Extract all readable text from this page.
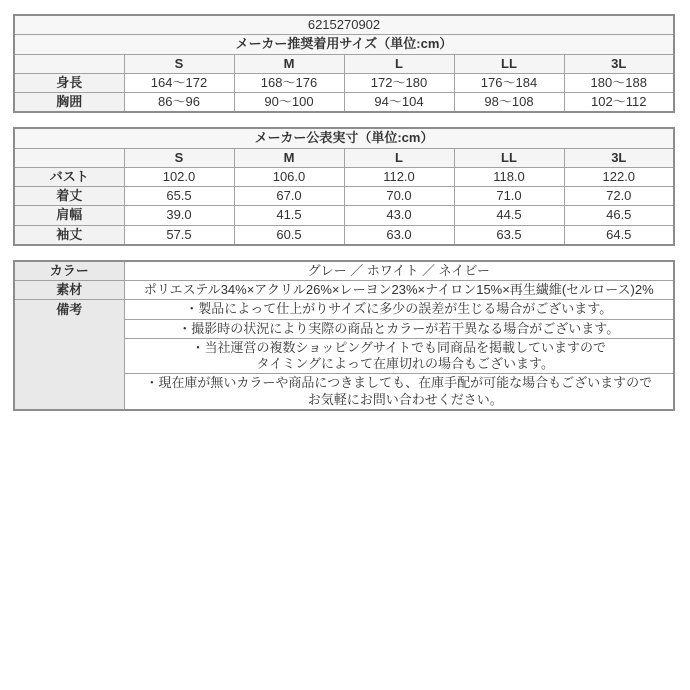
6215270902					
メーカー推奨着用サイズ（単位:cm）					
	S	M	L	LL	3L
身長	164～172	168～176	172～180	176～184	180～188
胸囲	86～96	90～100	94～104	98～108	102～112
メーカー公表実寸（単位:cm）					
	S	M	L	LL	3L
バスト	102.0	106.0	112.0	118.0	122.0
着丈	65.5	67.0	70.0	71.0	72.0
肩幅	39.0	41.5	43.0	44.5	46.5
袖丈	57.5	60.5	63.0	63.5	64.5
カラー	グレー ／ ホワイト ／ ネイビー
素材	ポリエステル34%×アクリル26%×レーヨン23%×ナイロン15%×再生繊維(セルロース)2%
備考	・製品によって仕上がりサイズに多少の誤差が生じる場合がございます。

	・撮影時の状況により実際の商品とカラーが若干異なる場合がございます。

	・当社運営の複数ショッピングサイトでも同商品を掲載していますので
タイミングによって在庫切れの場合もございます。

	・現在庫が無いカラーや商品につきましても、在庫手配が可能な場合もございますので
お気軽にお問い合わせください。
